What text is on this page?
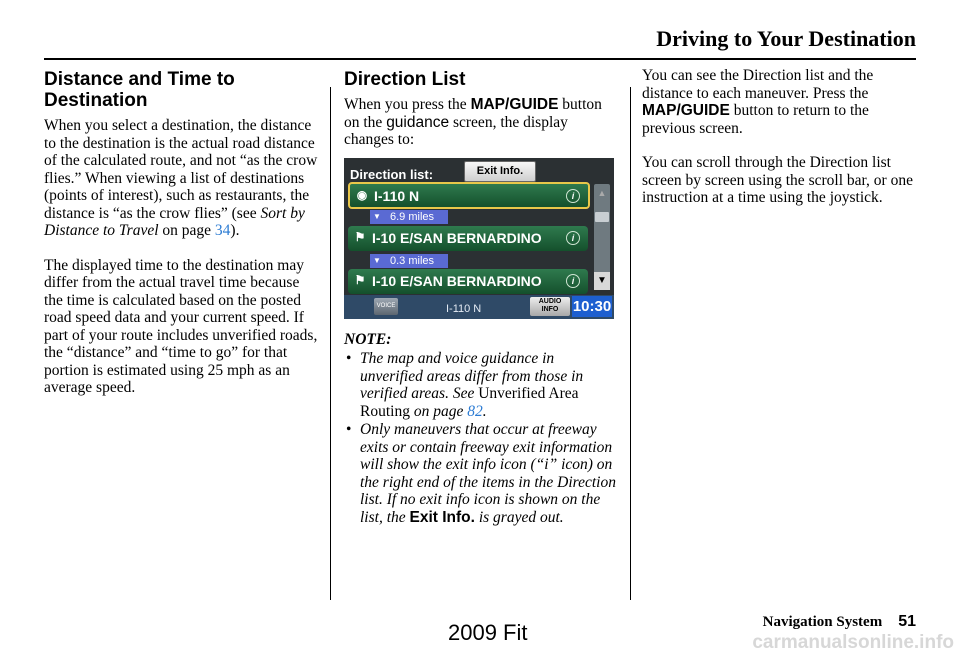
Driving to Your Destination
Distance and Time to Destination

When you select a destination, the distance to the destination is the actual road distance of the calculated route, and not “as the crow flies.” When viewing a list of destinations (points of interest), such as restaurants, the distance is “as the crow flies” (see Sort by Distance to Travel on page 34).

The displayed time to the destination may differ from the actual travel time because the time is calculated based on the posted road speed data and your current speed. If part of your route includes unverified roads, the “distance” and “time to go” for that portion is estimated using 25 mph as an average speed.

Direction List

When you press the MAP/GUIDE button on the guidance screen, the display changes to:

Direction list:	Exit Info.
◉ I-110 N	i
▼ 6.9 miles
⚑ I-10 E/SAN BERNARDINO	i
▼ 0.3 miles
⚑ I-10 E/SAN BERNARDINO	i
▲
▼
VOICE	I-110 N
AUDIO
INFO 10:30
NOTE:
• The map and voice guidance in unverified areas differ from those in verified areas. See Unverified Area Routing on page 82.
• Only maneuvers that occur at freeway exits or contain freeway exit information will show the exit info icon (“i” icon) on the right end of the items in the Direction list. If no exit info icon is shown on the list, the Exit Info. is grayed out.

You can see the Direction list and the distance to each maneuver. Press the MAP/GUIDE button to return to the previous screen.

You can scroll through the Direction list screen by screen using the scroll bar, or one instruction at a time using the joystick.

Navigation System 51
2009 Fit	carmanualsonline.info
